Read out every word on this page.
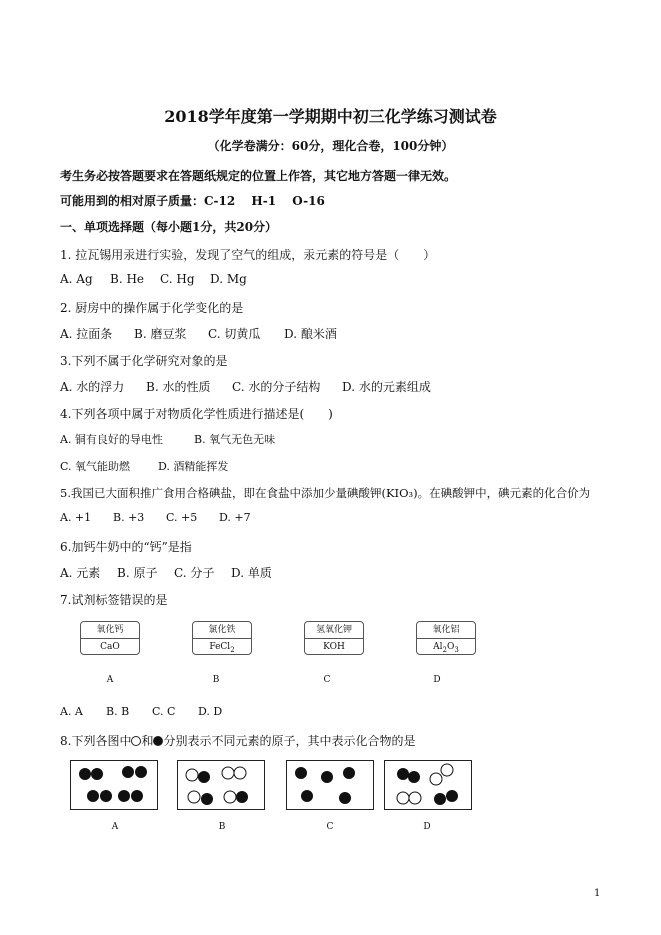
2018学年度第一学期期中初三化学练习测试卷
（化学卷满分：60分，理化合卷，100分钟）
考生务必按答题要求在答题纸规定的位置上作答，其它地方答题一律无效。
可能用到的相对原子质量：C-12　 H-1　 O-16
一、单项选择题（每小题1分，共20分）
1. 拉瓦锡用汞进行实验，发现了空气的组成，汞元素的符号是（　　）
A. Ag	B. He	C. Hg	D. Mg
2. 厨房中的操作属于化学变化的是
A. 拉面条	B. 磨豆浆	C. 切黄瓜	D. 酿米酒
3.下列不属于化学研究对象的是
A. 水的浮力	B. 水的性质	C. 水的分子结构	D. 水的元素组成
4.下列各项中属于对物质化学性质进行描述是(　　)
A. 铜有良好的导电性	B. 氧气无色无味
C. 氧气能助燃	D. 酒精能挥发
5.我国已大面积推广食用合格碘盐，即在食盐中添加少量碘酸钾(KIO₃)。在碘酸钾中，碘元素的化合价为
A. +1	B. +3	C. +5	D. +7
6.加钙牛奶中的“钙”是指
A. 元素	B. 原子	C. 分子	D. 单质
7.试剂标签错误的是
氧化钙
CaO
氯化铁
FeCl$_2$
氢氧化钾
KOH
氧化铝
$Al_2O_3$
A	B	C	D
A. A	B. B	C. C	D. D
8.下列各图中 和 分别表示不同元素的原子，其中表示化合物的是
A	B	C	D
1
